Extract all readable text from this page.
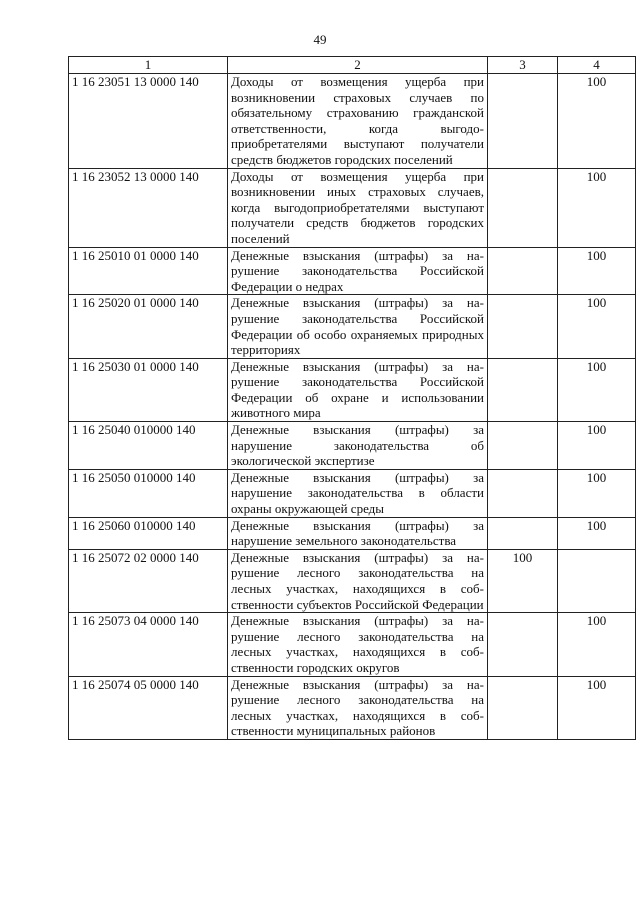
49
1	2	3	4
1 16 23051 13 0000 140	Доходы от возмещения ущерба при возникновении страховых случаев по обязательному страхованию гражданской ответственности, когда выгодоприобретателями выступают получатели средств бюджетов городских поселений		100
1 16 23052 13 0000 140	Доходы от возмещения ущерба при возникновении иных страховых случаев, когда выгодоприобретателями выступают получатели средств бюджетов городских поселений		100
1 16 25010 01 0000 140	Денежные взыскания (штрафы) за нарушение законодательства Российской Федерации о недрах		100
1 16 25020 01 0000 140	Денежные взыскания (штрафы) за нарушение законодательства Российской Федерации об особо охраняемых природных территориях		100
1 16 25030 01 0000 140	Денежные взыскания (штрафы) за нарушение законодательства Российской Федерации об охране и использовании животного мира		100
1 16 25040 010000 140	Денежные взыскания (штрафы) за нарушение законодательства об экологической экспертизе		100
1 16 25050 010000 140	Денежные взыскания (штрафы) за нарушение законодательства в области охраны окружающей среды		100
1 16 25060 010000 140	Денежные взыскания (штрафы) за нарушение земельного законодательства		100
1 16 25072 02 0000 140	Денежные взыскания (штрафы) за нарушение лесного законодательства на лесных участках, находящихся в собственности субъектов Российской Федерации	100	
1 16 25073 04 0000 140	Денежные взыскания (штрафы) за нарушение лесного законодательства на лесных участках, находящихся в собственности городских округов		100
1 16 25074 05 0000 140	Денежные взыскания (штрафы) за нарушение лесного законодательства на лесных участках, находящихся в собственности муниципальных районов		100
